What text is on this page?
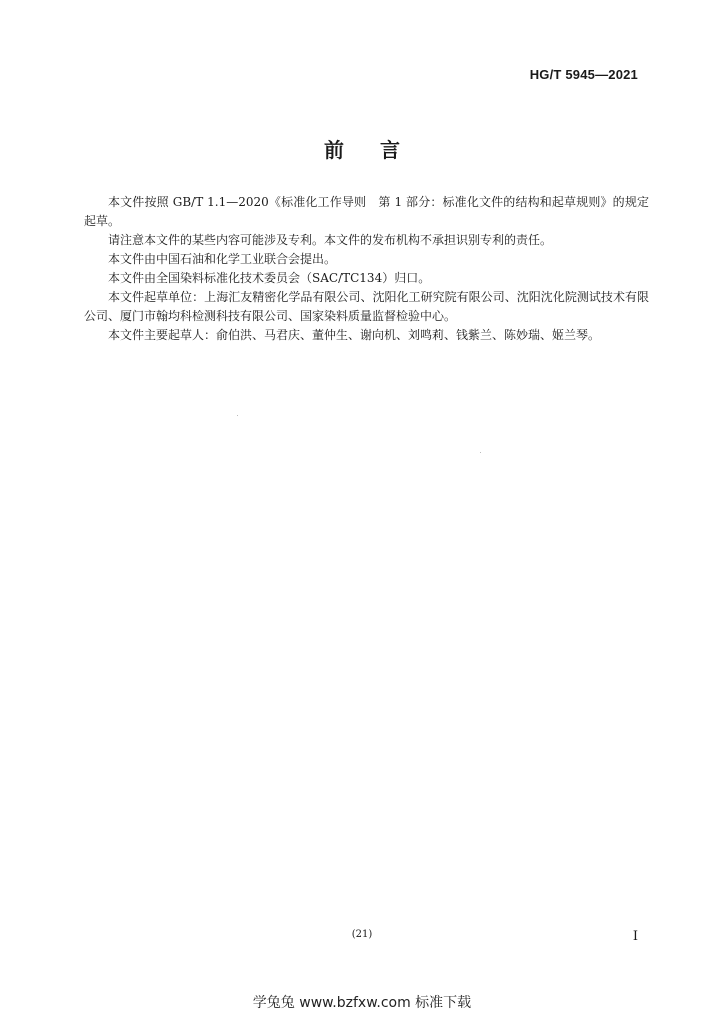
HG/T 5945—2021
前言

本文件按照 GB/T 1.1—2020《标准化工作导则　第 1 部分：标准化文件的结构和起草规则》的规定起草。

请注意本文件的某些内容可能涉及专利。本文件的发布机构不承担识别专利的责任。

本文件由中国石油和化学工业联合会提出。

本文件由全国染料标准化技术委员会（SAC/TC134）归口。

本文件起草单位：上海汇友精密化学品有限公司、沈阳化工研究院有限公司、沈阳沈化院测试技术有限公司、厦门市翰均科检测科技有限公司、国家染料质量监督检验中心。

本文件主要起草人：俞伯洪、马君庆、董仲生、谢向机、刘鸣莉、钱紫兰、陈妙瑞、姬兰琴。

(21)	I
学兔兔 www.bzfxw.com 标准下载
